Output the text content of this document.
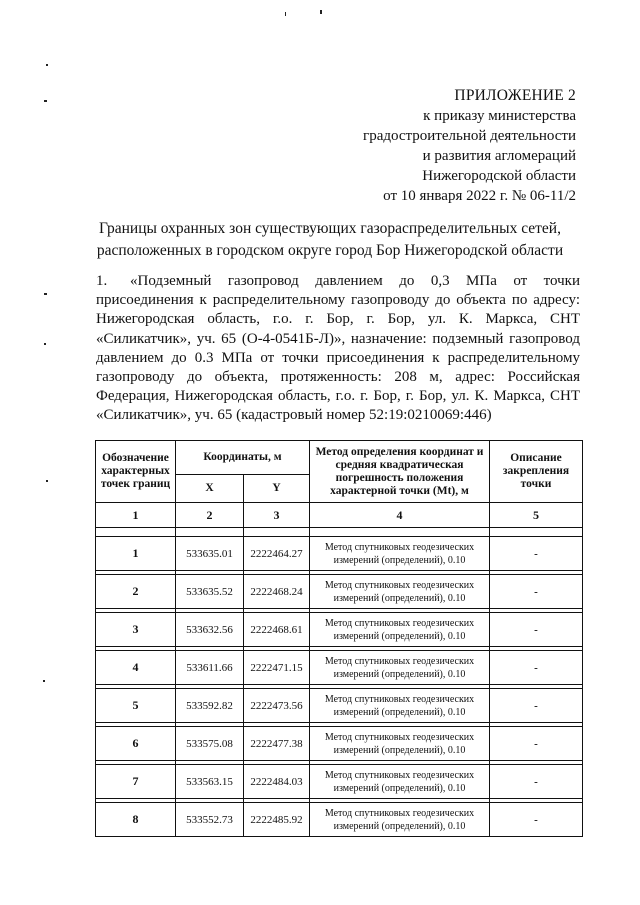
ПРИЛОЖЕНИЕ 2
к приказу министерства
градостроительной деятельности
и развития агломераций
Нижегородской области
от 10 января 2022 г. № 06-11/2
Границы охранных зон существующих газораспределительных сетей,
расположенных в городском округе город Бор Нижегородской области
1. «Подземный газопровод давлением до 0,3 МПа от точки присоединения к распределительному газопроводу до объекта по адресу: Нижегородская область, г.о. г. Бор, г. Бор, ул. К. Маркса, СНТ «Силикатчик», уч. 65 (О-4-0541Б-Л)», назначение: подземный газопровод давлением до 0.3 МПа от точки присоединения к распределительному газопроводу до объекта, протяженность: 208 м, адрес: Российская Федерация, Нижегородская область, г.о. г. Бор, г. Бор, ул. К. Маркса, СНТ «Силикатчик», уч. 65 (кадастровый номер 52:19:0210069:446)
Обозначение характерных точек границ	Координаты, м		Метод определения координат и средняя квадратическая погрешность положения характерной точки (Mt), м	Описание закрепления точки
	X	Y		
1	2	3	4	5

1	533635.01	2222464.27	Метод спутниковых геодезических измерений (определений), 0.10	-

2	533635.52	2222468.24	Метод спутниковых геодезических измерений (определений), 0.10	-

3	533632.56	2222468.61	Метод спутниковых геодезических измерений (определений), 0.10	-

4	533611.66	2222471.15	Метод спутниковых геодезических измерений (определений), 0.10	-

5	533592.82	2222473.56	Метод спутниковых геодезических измерений (определений), 0.10	-

6	533575.08	2222477.38	Метод спутниковых геодезических измерений (определений), 0.10	-

7	533563.15	2222484.03	Метод спутниковых геодезических измерений (определений), 0.10	-

8	533552.73	2222485.92	Метод спутниковых геодезических измерений (определений), 0.10	-
